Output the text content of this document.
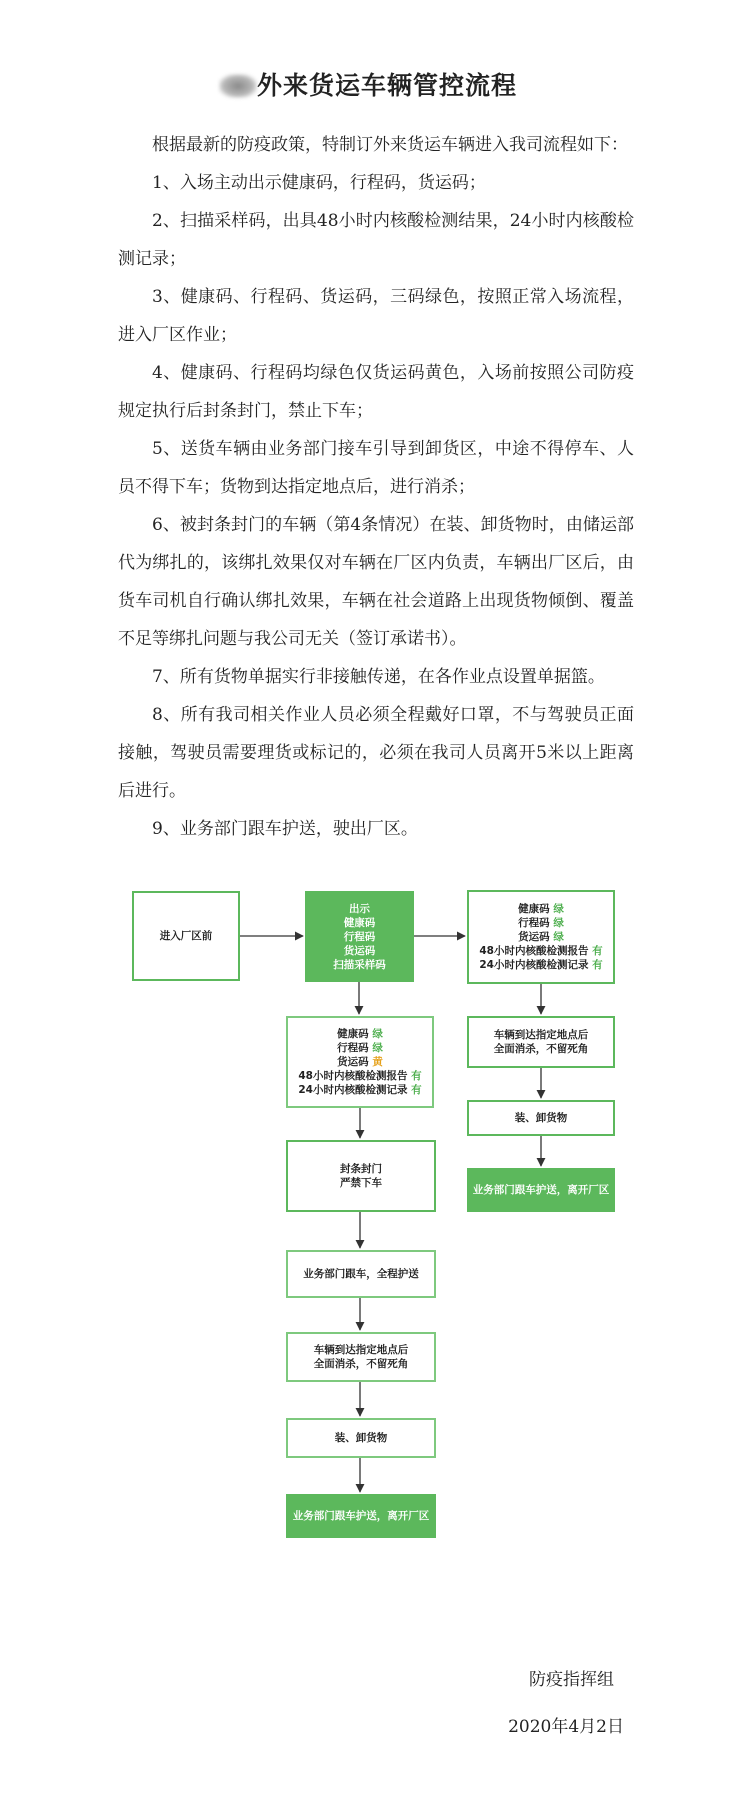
外来货运车辆管控流程

根据最新的防疫政策，特制订外来货运车辆进入我司流程如下：

1、入场主动出示健康码，行程码，货运码；

2、扫描采样码，出具48小时内核酸检测结果，24小时内核酸检测记录；

3、健康码、行程码、货运码，三码绿色，按照正常入场流程，进入厂区作业；

4、健康码、行程码均绿色仅货运码黄色，入场前按照公司防疫规定执行后封条封门，禁止下车；

5、送货车辆由业务部门接车引导到卸货区，中途不得停车、人员不得下车；货物到达指定地点后，进行消杀；

6、被封条封门的车辆（第4条情况）在装、卸货物时，由储运部代为绑扎的，该绑扎效果仅对车辆在厂区内负责，车辆出厂区后，由货车司机自行确认绑扎效果，车辆在社会道路上出现货物倾倒、覆盖不足等绑扎问题与我公司无关（签订承诺书）。

7、所有货物单据实行非接触传递，在各作业点设置单据篮。

8、所有我司相关作业人员必须全程戴好口罩，不与驾驶员正面接触，驾驶员需要理货或标记的，必须在我司人员离开5米以上距离后进行。

9、业务部门跟车护送，驶出厂区。

进入厂区前
出示
健康码
行程码
货运码
扫描采样码
健康码 绿
行程码 绿
货运码 绿
48小时内核酸检测报告 有
24小时内核酸检测记录 有
车辆到达指定地点后
全面消杀，不留死角
装、卸货物
业务部门跟车护送，离开厂区
健康码 绿
行程码 绿
货运码 黄
48小时内核酸检测报告 有
24小时内核酸检测记录 有
封条封门
严禁下车
业务部门跟车，全程护送
车辆到达指定地点后
全面消杀，不留死角
装、卸货物
业务部门跟车护送，离开厂区
防疫指挥组
2020年4月2日
